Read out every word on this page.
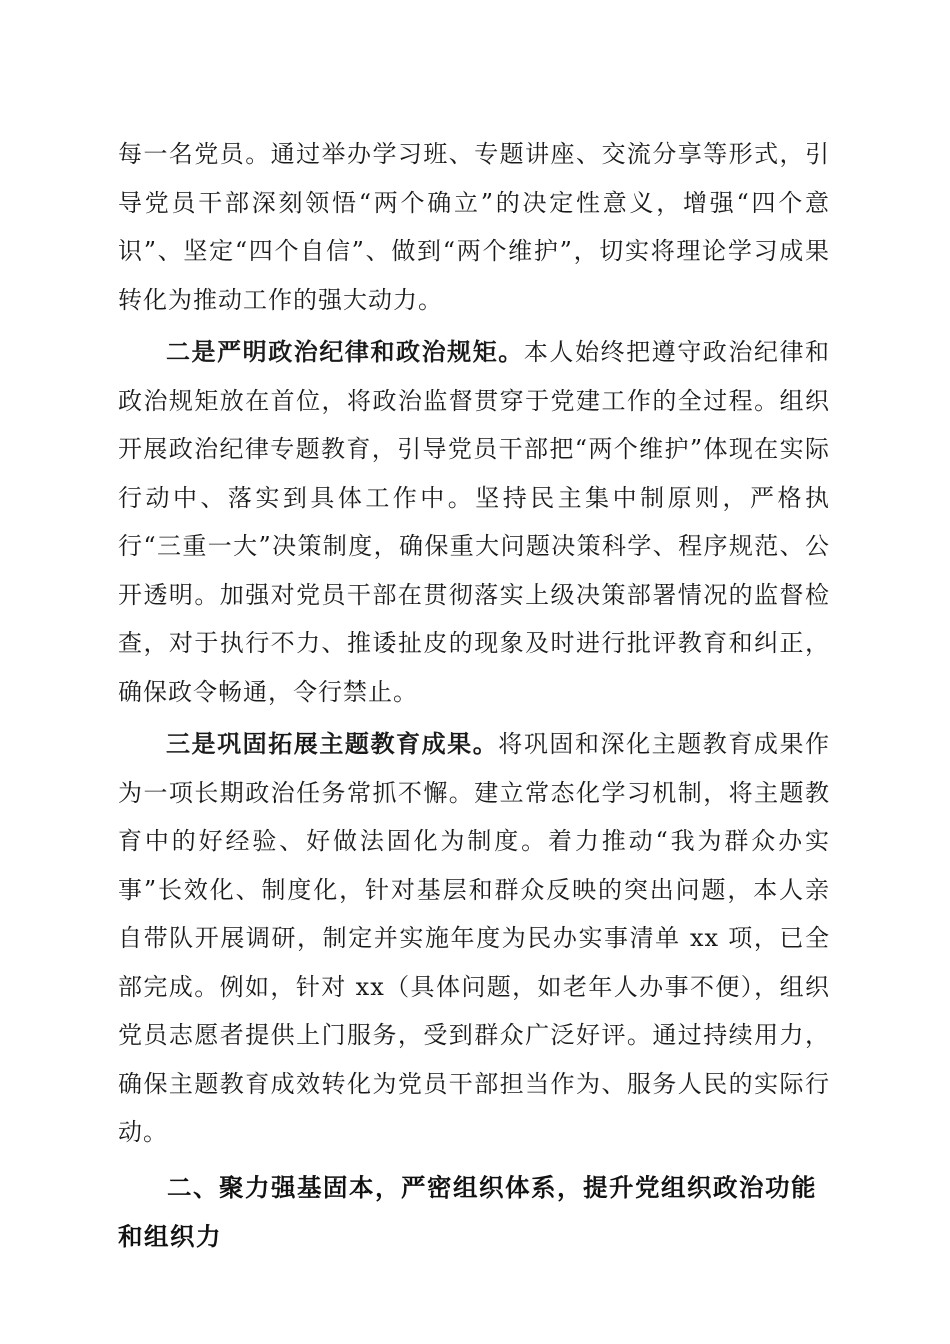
每一名党员。通过举办学习班、专题讲座、交流分享等形式，引导党员干部深刻领悟“两个确立”的决定性意义，增强“四个意识”、坚定“四个自信”、做到“两个维护”，切实将理论学习成果转化为推动工作的强大动力。

二是严明政治纪律和政治规矩。本人始终把遵守政治纪律和政治规矩放在首位，将政治监督贯穿于党建工作的全过程。组织开展政治纪律专题教育，引导党员干部把“两个维护”体现在实际行动中、落实到具体工作中。坚持民主集中制原则，严格执行“三重一大”决策制度，确保重大问题决策科学、程序规范、公开透明。加强对党员干部在贯彻落实上级决策部署情况的监督检查，对于执行不力、推诿扯皮的现象及时进行批评教育和纠正，确保政令畅通，令行禁止。

三是巩固拓展主题教育成果。将巩固和深化主题教育成果作为一项长期政治任务常抓不懈。建立常态化学习机制，将主题教育中的好经验、好做法固化为制度。着力推动“我为群众办实事”长效化、制度化，针对基层和群众反映的突出问题，本人亲自带队开展调研，制定并实施年度为民办实事清单 xx 项，已全部完成。例如，针对 xx（具体问题，如老年人办事不便），组织党员志愿者提供上门服务，受到群众广泛好评。通过持续用力，确保主题教育成效转化为党员干部担当作为、服务人民的实际行动。

二、聚力强基固本，严密组织体系，提升党组织政治功能和组织力
